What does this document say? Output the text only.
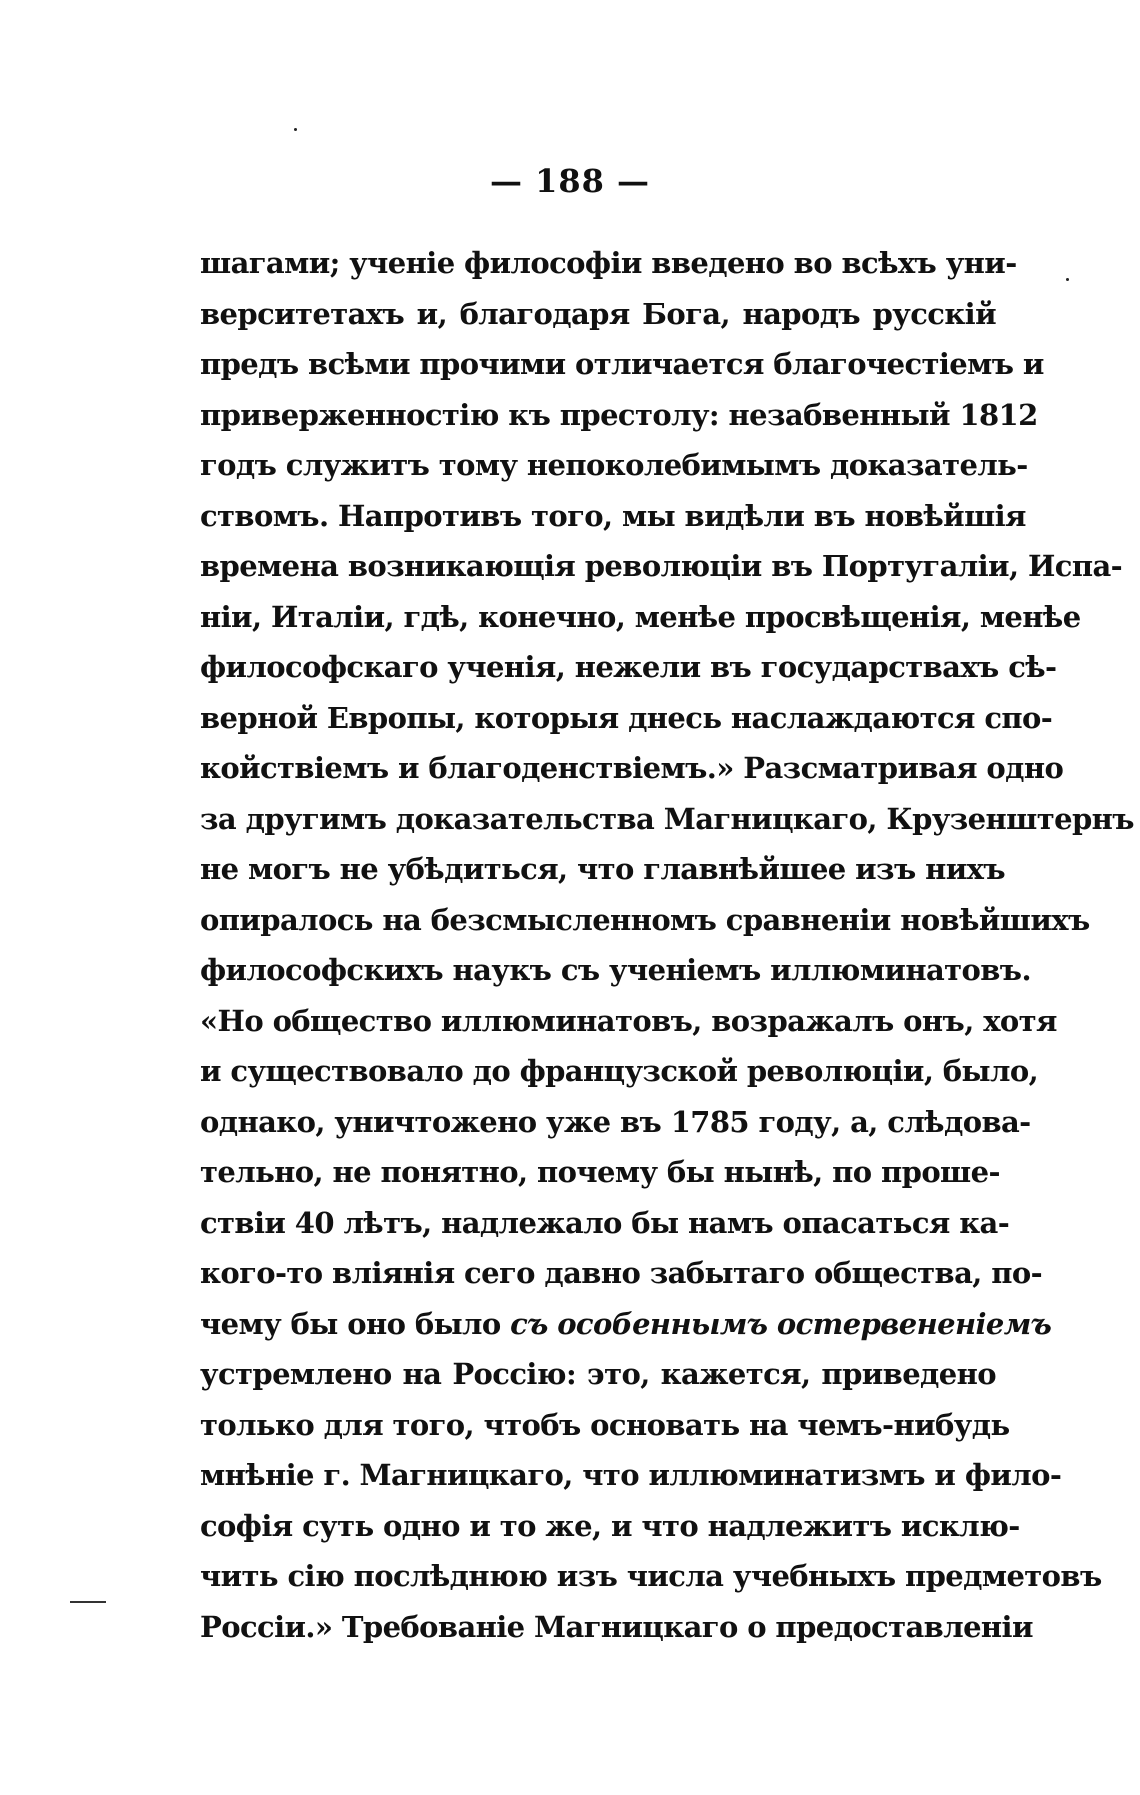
— 188 —
шагами; ученіе философіи введено во всѣхъ уни-
верситетахъ и, благодаря Бога, народъ русскій
предъ всѣми прочими отличается благочестіемъ и
приверженностію къ престолу: незабвенный 1812
годъ служитъ тому непоколебимымъ доказатель-
ствомъ. Напротивъ того, мы видѣли въ новѣйшія
времена возникающія революціи въ Португаліи, Испа-
ніи, Италіи, гдѣ, конечно, менѣе просвѣщенія, менѣе
философскаго ученія, нежели въ государствахъ сѣ-
верной Европы, которыя днесь наслаждаются спо-
койствіемъ и благоденствіемъ.» Разсматривая одно
за другимъ доказательства Магницкаго, Крузенштернъ
не могъ не убѣдиться, что главнѣйшее изъ нихъ
опиралось на безсмысленномъ сравненіи новѣйшихъ
философскихъ наукъ съ ученіемъ иллюминатовъ.
«Но общество иллюминатовъ, возражалъ онъ, хотя
и существовало до французской революціи, было,
однако, уничтожено уже въ 1785 году, а, слѣдова-
тельно, не понятно, почему бы нынѣ, по проше-
ствіи 40 лѣтъ, надлежало бы намъ опасаться ка-
кого-то вліянія сего давно забытаго общества, по-
чему бы оно было съ особеннымъ остервененіемъ
устремлено на Россію: это, кажется, приведено
только для того, чтобъ основать на чемъ-нибудь
мнѣніе г. Магницкаго, что иллюминатизмъ и фило-
софія суть одно и то же, и что надлежитъ исклю-
чить сію послѣднюю изъ числа учебныхъ предметовъ
Россіи.» Требованіе Магницкаго о предоставленіи
